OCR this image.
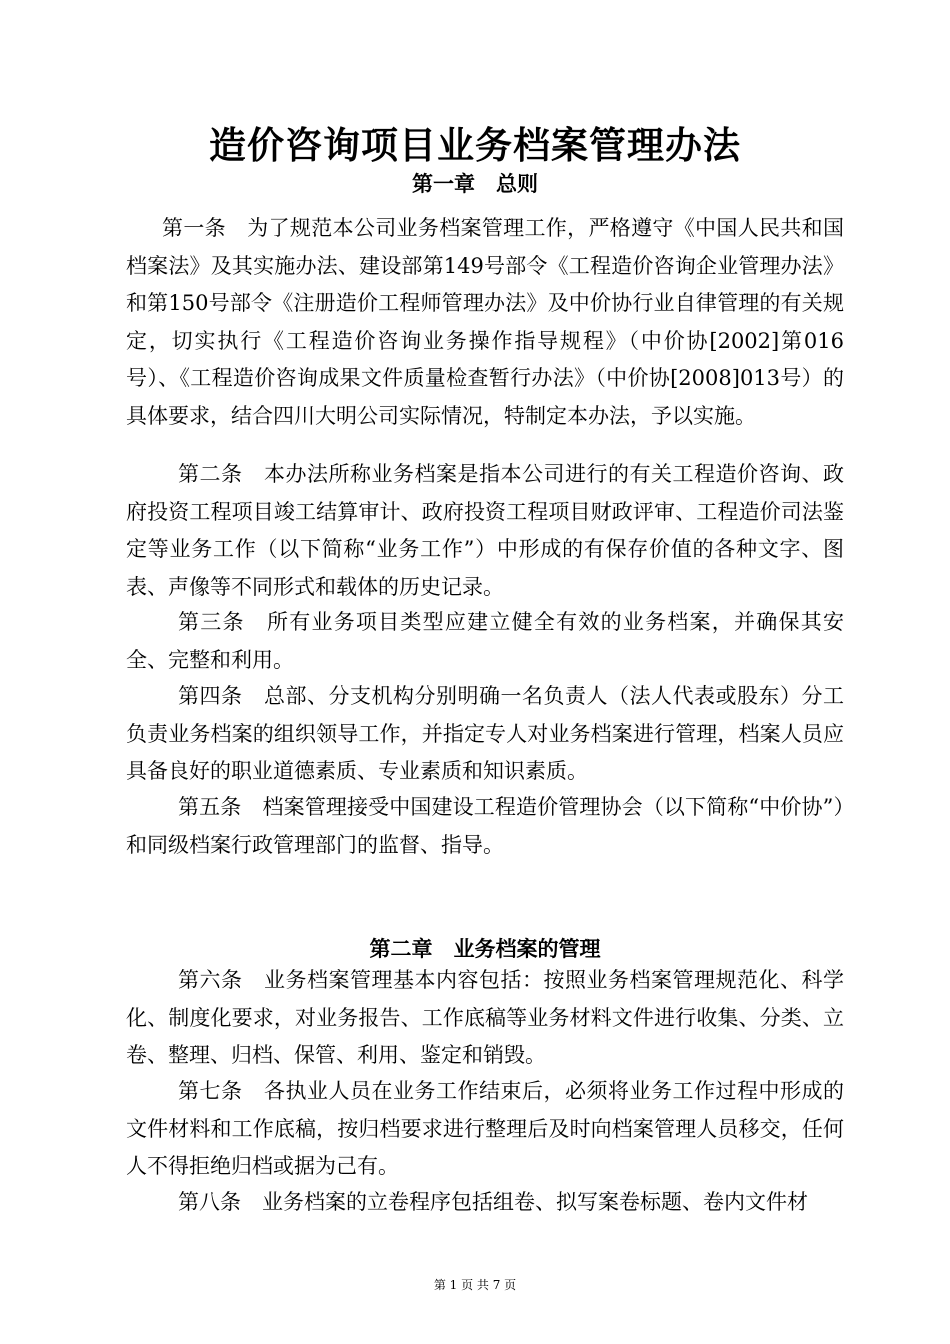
造价咨询项目业务档案管理办法
第一章　总则

第一条　为了规范本公司业务档案管理工作，严格遵守《中国人民共和国档案法》及其实施办法、建设部第149号部令《工程造价咨询企业管理办法》和第150号部令《注册造价工程师管理办法》及中价协行业自律管理的有关规定，切实执行《工程造价咨询业务操作指导规程》（中价协[2002]第016号）、《工程造价咨询成果文件质量检查暂行办法》（中价协[2008]013号）的具体要求，结合四川大明公司实际情况，特制定本办法，予以实施。

第二条　本办法所称业务档案是指本公司进行的有关工程造价咨询、政府投资工程项目竣工结算审计、政府投资工程项目财政评审、工程造价司法鉴定等业务工作（以下简称“业务工作”）中形成的有保存价值的各种文字、图表、声像等不同形式和载体的历史记录。

第三条　所有业务项目类型应建立健全有效的业务档案，并确保其安全、完整和利用。

第四条　总部、分支机构分别明确一名负责人（法人代表或股东）分工负责业务档案的组织领导工作，并指定专人对业务档案进行管理，档案人员应具备良好的职业道德素质、专业素质和知识素质。

第五条　档案管理接受中国建设工程造价管理协会（以下简称“中价协”）和同级档案行政管理部门的监督、指导。

第二章　业务档案的管理

第六条　业务档案管理基本内容包括：按照业务档案管理规范化、科学化、制度化要求，对业务报告、工作底稿等业务材料文件进行收集、分类、立卷、整理、归档、保管、利用、鉴定和销毁。

第七条　各执业人员在业务工作结束后，必须将业务工作过程中形成的文件材料和工作底稿，按归档要求进行整理后及时向档案管理人员移交，任何人不得拒绝归档或据为己有。

第八条　业务档案的立卷程序包括组卷、拟写案卷标题、卷内文件材

第 1 页 共 7 页
